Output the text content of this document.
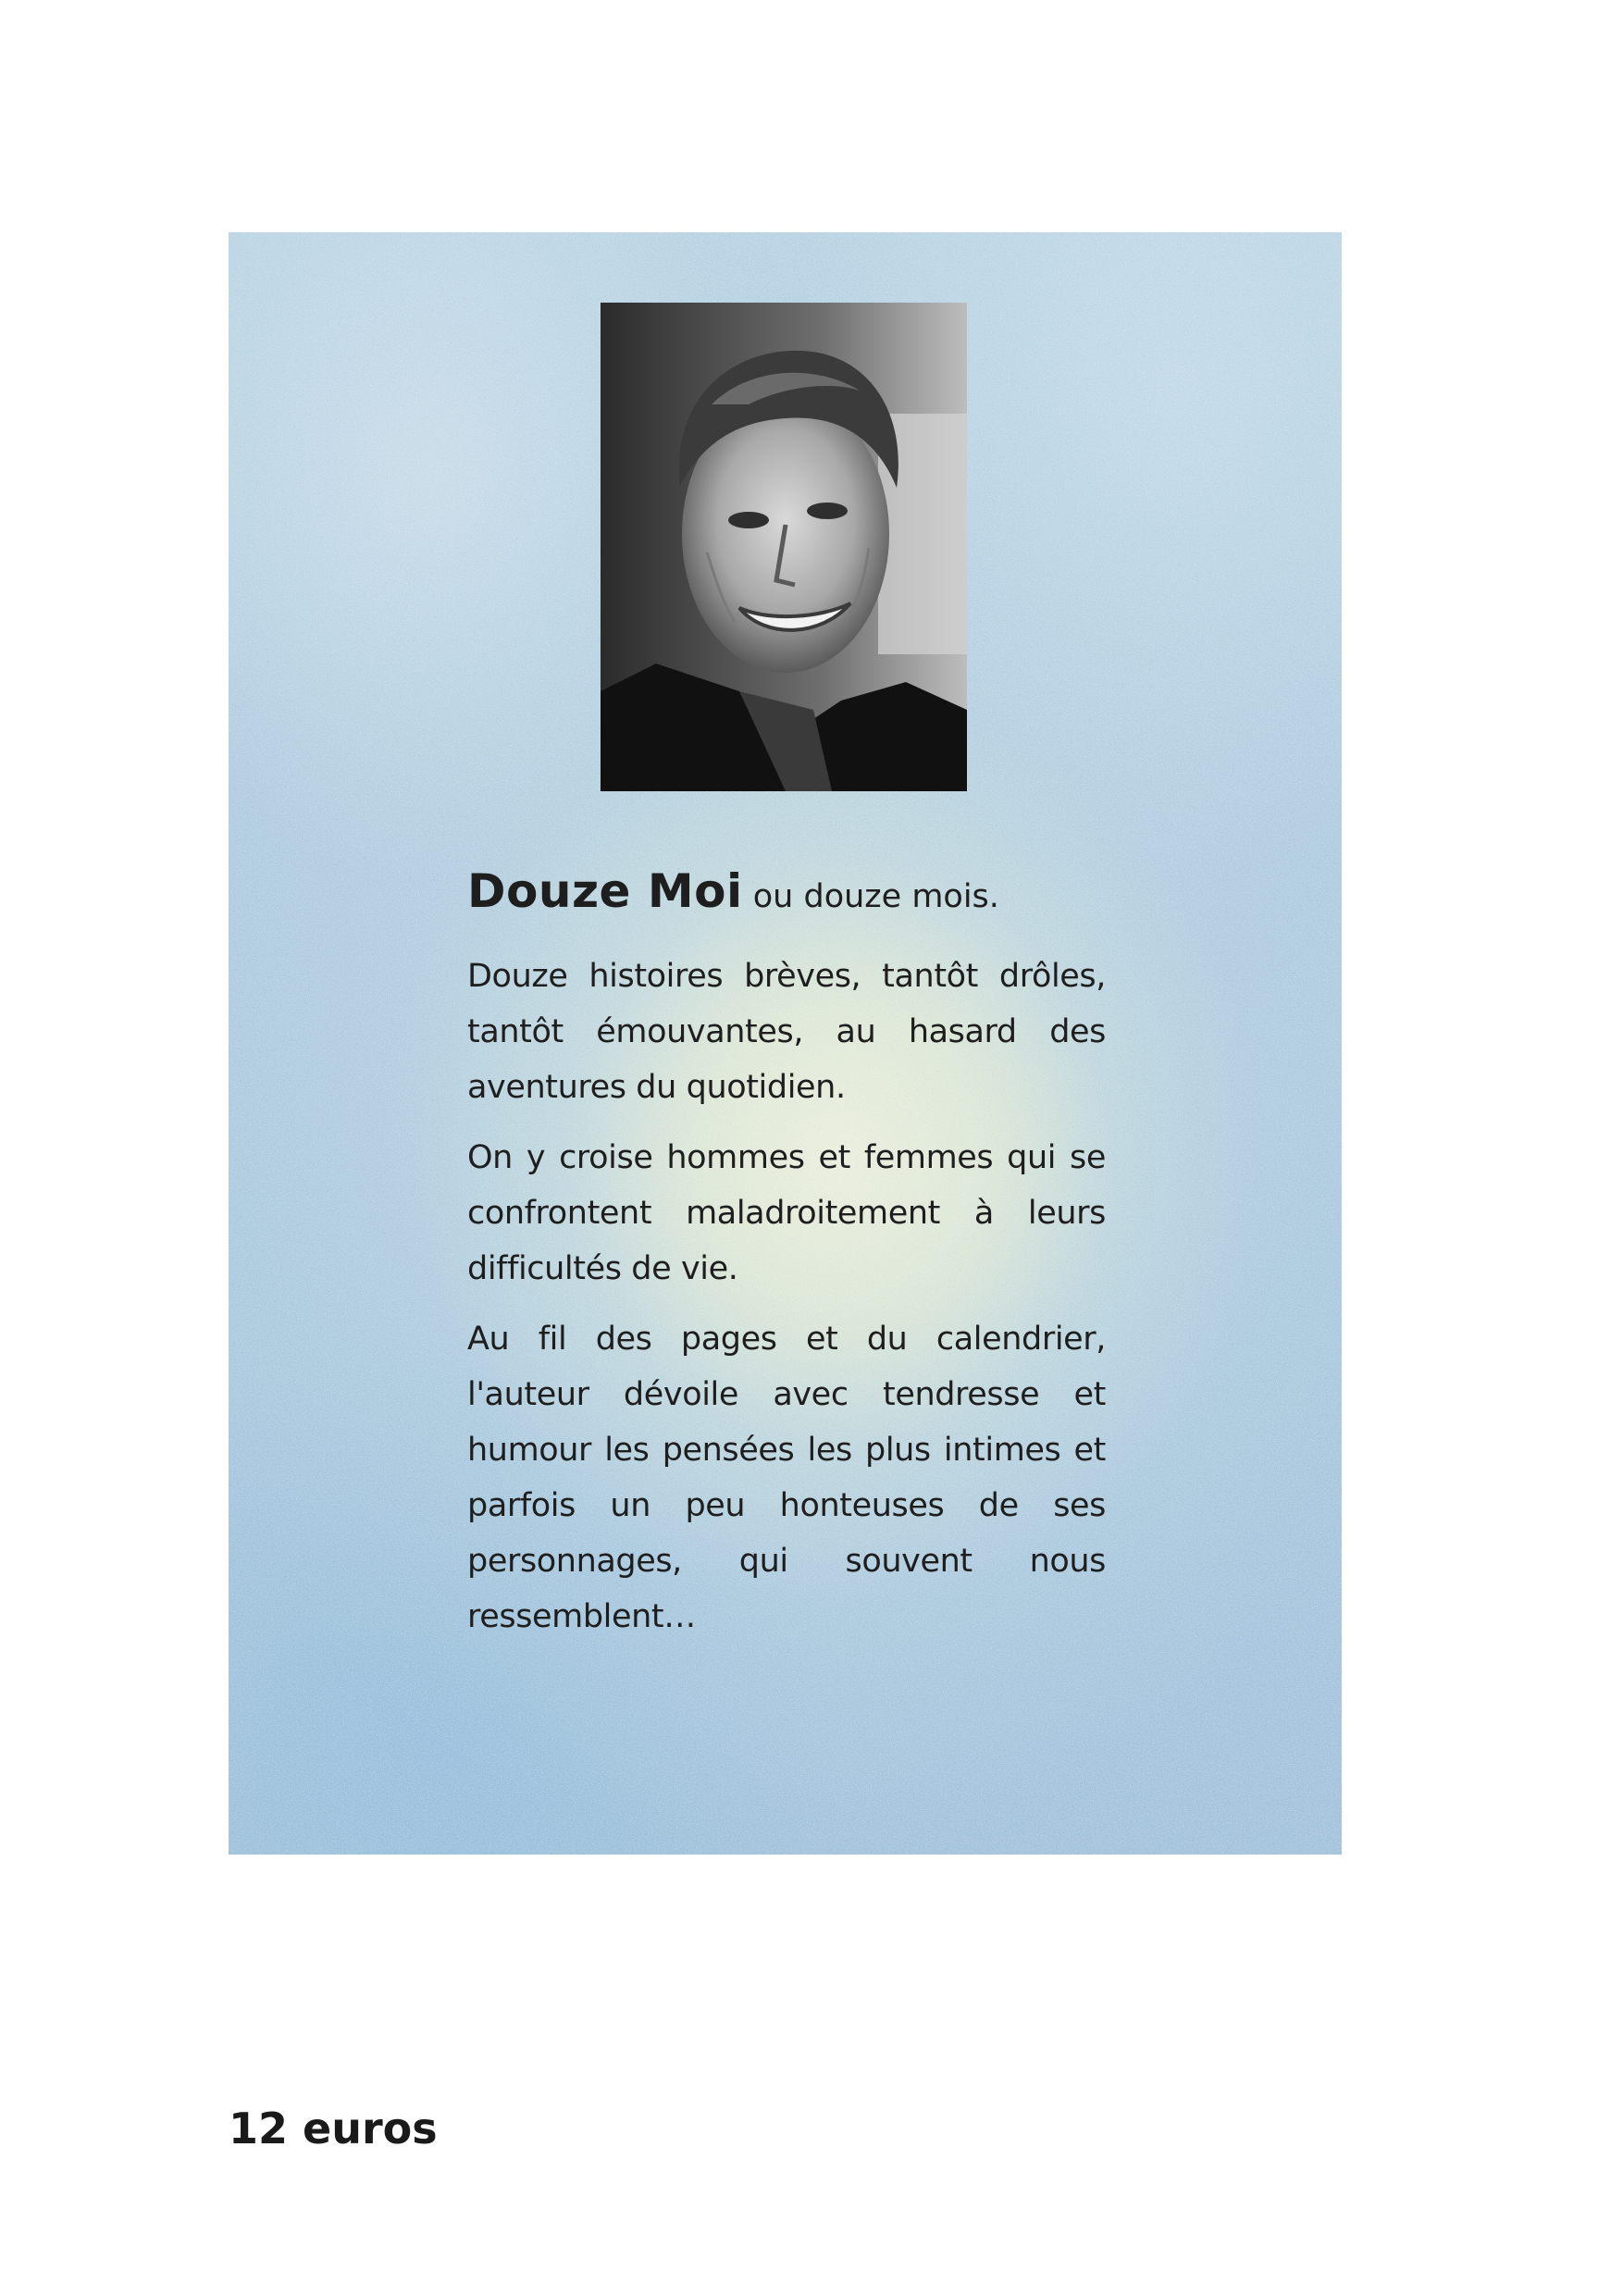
Douze Moi ou douze mois.

Douze histoires brèves, tantôt drôles, tantôt émouvantes, au hasard des aventures du quotidien.

On y croise hommes et femmes qui se confrontent maladroitement à leurs difficultés de vie.

Au fil des pages et du calendrier, l'auteur dévoile avec tendresse et humour les pensées les plus intimes et parfois un peu honteuses de ses personnages, qui souvent nous ressemblent…

12 euros
